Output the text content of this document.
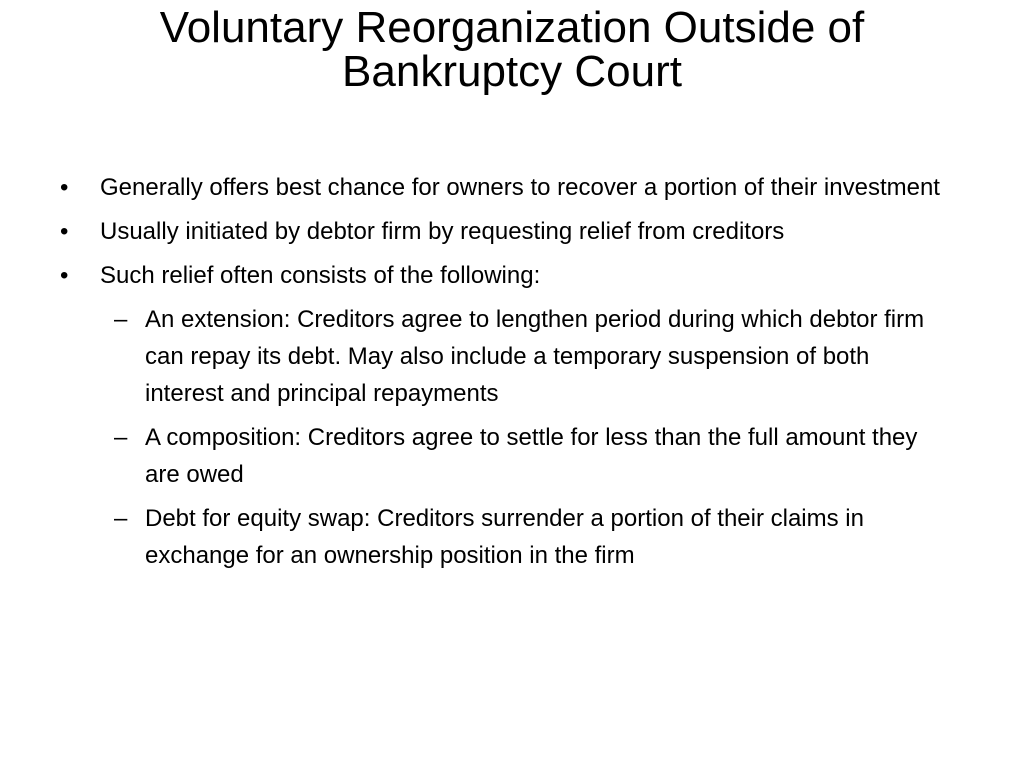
Voluntary Reorganization Outside of
Bankruptcy Court
• Generally offers best chance for owners to recover a portion of their investment
• Usually initiated by debtor firm by requesting relief from creditors
• Such relief often consists of the following:
– An extension: Creditors agree to lengthen period during which debtor firm can repay its debt. May also include a temporary suspension of both interest and principal repayments
– A composition: Creditors agree to settle for less than the full amount they are owed
– Debt for equity swap: Creditors surrender a portion of their claims in exchange for an ownership position in the firm
